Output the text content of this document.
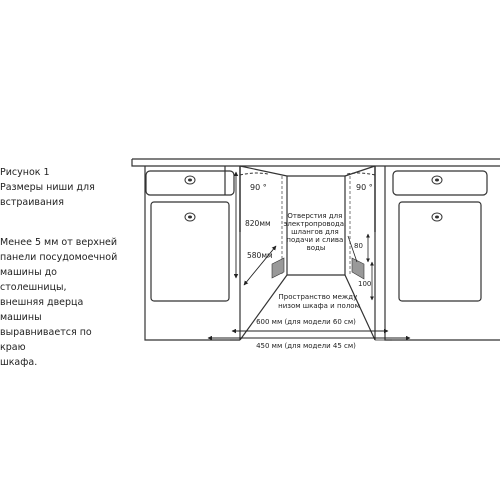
Рисунок 1
Размеры ниши для
встраивания
Менее 5 мм от верхней
панели посудомоечной
машины до столешницы,
внешняя дверца машины
выравнивается по краю
шкафа.
90 °	90 °
820мм
580мм
Отверстия для электропровода, шлангов для подачи и слива воды	80
100
Пространство между низом шкафа и полом
600 мм (для модели 60 см)
450 мм (для модели 45 см)
